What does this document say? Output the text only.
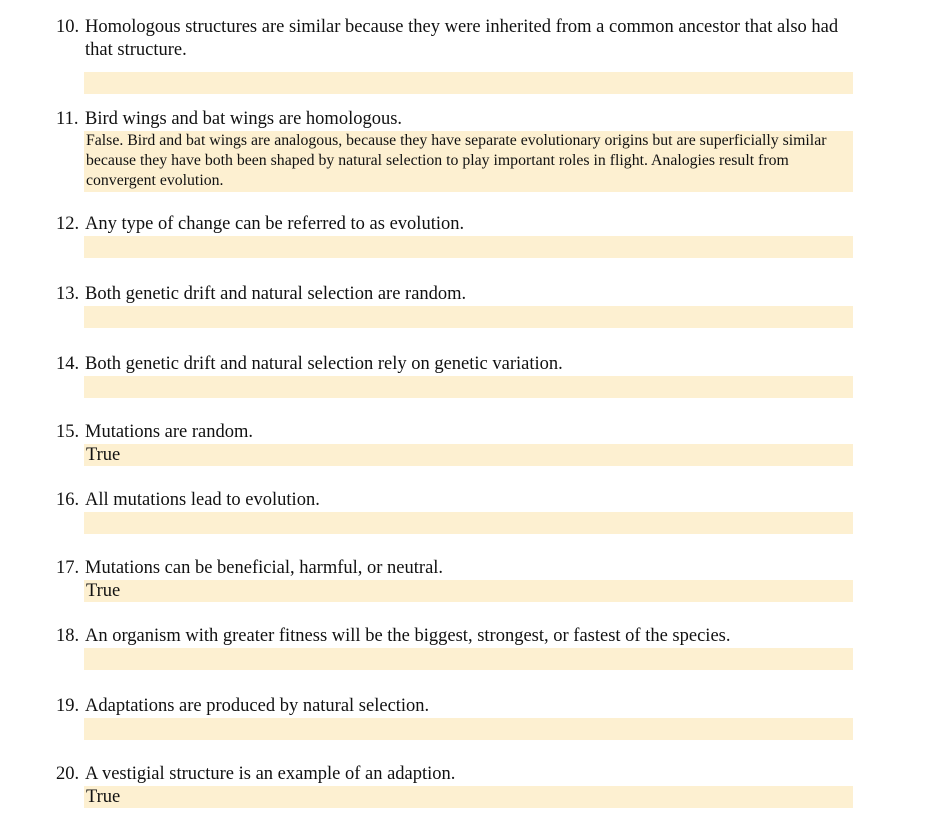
10. Homologous structures are similar because they were inherited from a common ancestor that also had that structure.

11. Bird wings and bat wings are homologous.

False. Bird and bat wings are analogous, because they have separate evolutionary origins but are superficially similar because they have both been shaped by natural selection to play important roles in flight. Analogies result from convergent evolution.

12. Any type of change can be referred to as evolution.

13. Both genetic drift and natural selection are random.

14. Both genetic drift and natural selection rely on genetic variation.

15. Mutations are random.

True

16. All mutations lead to evolution.

17. Mutations can be beneficial, harmful, or neutral.

True

18. An organism with greater fitness will be the biggest, strongest, or fastest of the species.

19. Adaptations are produced by natural selection.

20. A vestigial structure is an example of an adaption.

True
